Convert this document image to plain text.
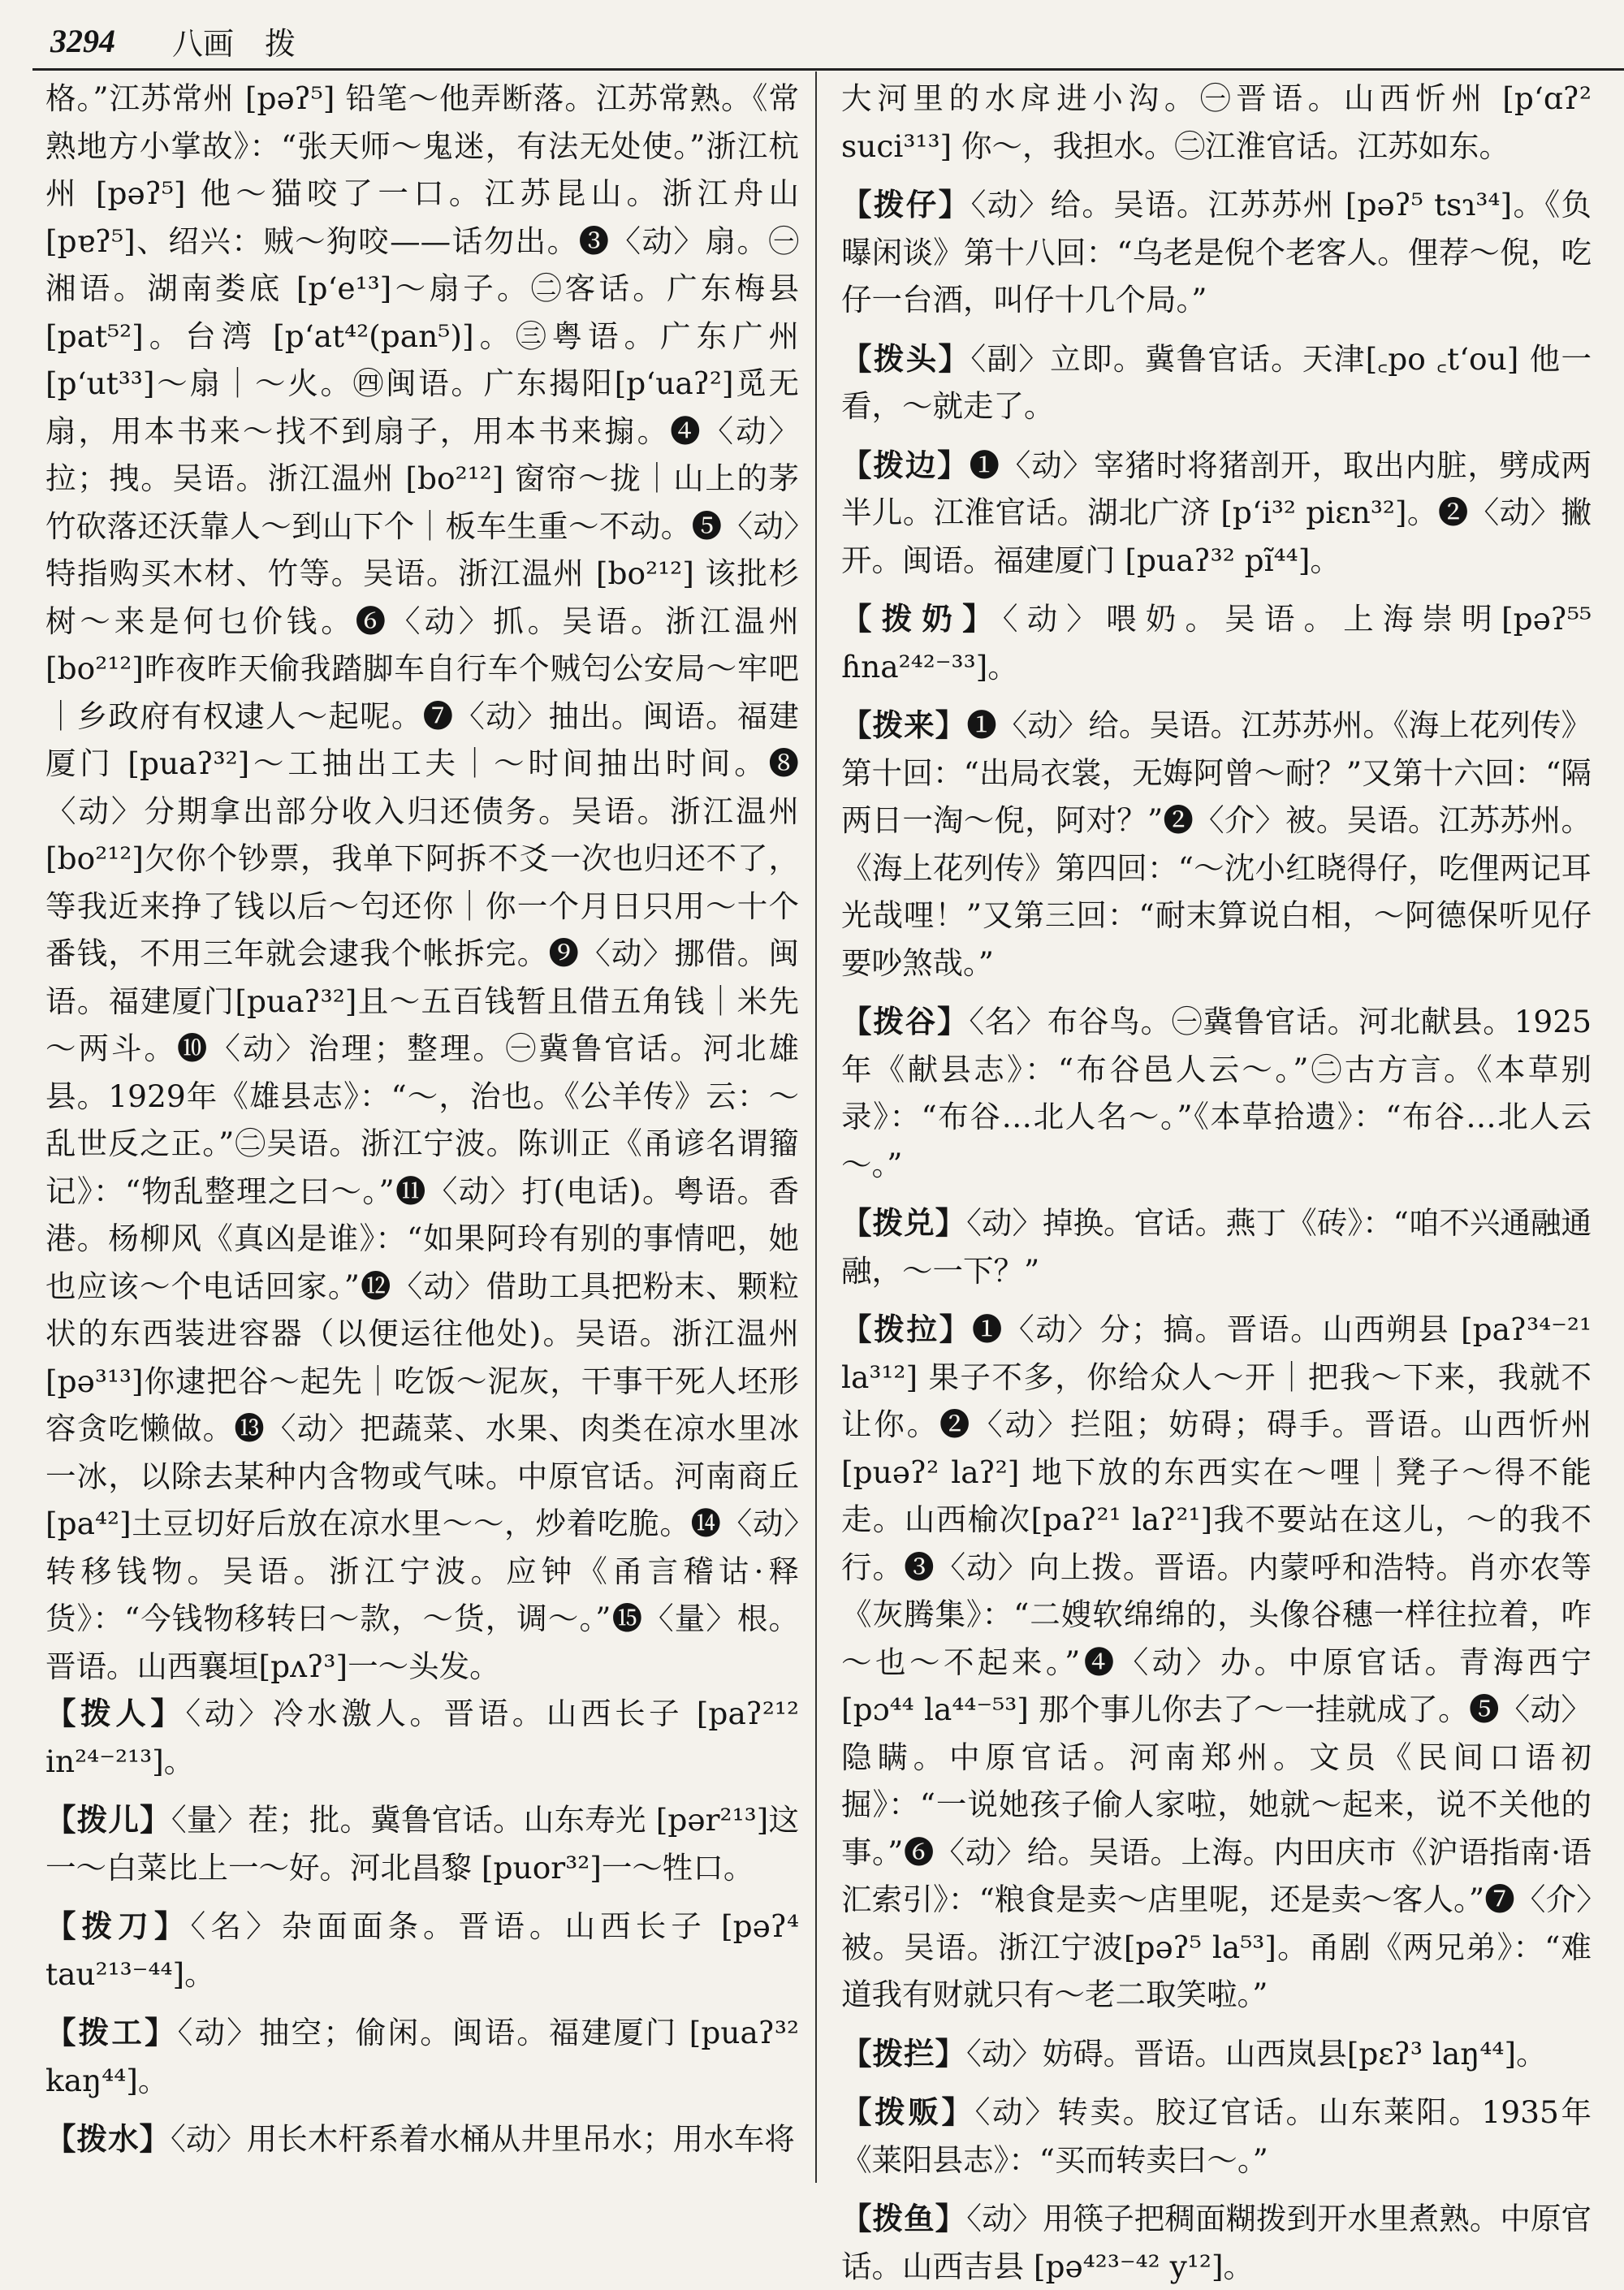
3294 八画　拨

格。”江苏常州 [pəʔ⁵] 铅笔～他弄断落。江苏常熟。《常熟地方小掌故》：“张天师～鬼迷，有法无处使。”浙江杭州 [pəʔ⁵] 他～猫咬了一口。江苏昆山。浙江舟山[pɐʔ⁵]、绍兴：贼～狗咬——话勿出。❸〈动〉扇。㊀湘语。湖南娄底 [p‘e¹³]～扇子。㊁客话。广东梅县 [pat⁵²]。台湾 [p‘at⁴²(pan⁵)]。㊂粤语。广东广州 [p‘ut³³]～扇｜～火。㊃闽语。广东揭阳[p‘uaʔ²]觅无扇，用本书来～找不到扇子，用本书来搧。❹〈动〉拉；拽。吴语。浙江温州 [bo²¹²] 窗帘～拢｜山上的茅竹砍落还沃靠人～到山下个｜板车生重～不动。❺〈动〉特指购买木材、竹等。吴语。浙江温州 [bo²¹²] 该批杉树～来是何乜价钱。❻〈动〉抓。吴语。浙江温州 [bo²¹²]昨夜昨天偷我踏脚车自行车个贼匄公安局～牢吧｜乡政府有权逮人～起呢。❼〈动〉抽出。闽语。福建厦门 [puaʔ³²]～工抽出工夫｜～时间抽出时间。❽〈动〉分期拿出部分收入归还债务。吴语。浙江温州[bo²¹²]欠你个钞票，我单下阿拆不爻一次也归还不了，等我近来挣了钱以后～匄还你｜你一个月日只用～十个番钱，不用三年就会逮我个帐拆完。❾〈动〉挪借。闽语。福建厦门[puaʔ³²]且～五百钱暂且借五角钱｜米先～两斗。❿〈动〉治理；整理。㊀冀鲁官话。河北雄县。1929年《雄县志》：“～，治也。《公羊传》云：～乱世反之正。”㊁吴语。浙江宁波。陈训正《甬谚名谓籀记》：“物乱整理之曰～。”⓫〈动〉打(电话)。粤语。香港。杨柳风《真凶是谁》：“如果阿玲有别的事情吧，她也应该～个电话回家。”⓬〈动〉借助工具把粉末、颗粒状的东西装进容器（以便运往他处)。吴语。浙江温州[pə³¹³]你逮把谷～起先｜吃饭～泥灰，干事干死人坯形容贪吃懒做。⓭〈动〉把蔬菜、水果、肉类在凉水里冰一冰，以除去某种内含物或气味。中原官话。河南商丘 [pa⁴²]土豆切好后放在凉水里～～，炒着吃脆。⓮〈动〉转移钱物。吴语。浙江宁波。应钟《甬言稽诂·释货》：“今钱物移转曰～款，～货，调～。”⓯〈量〉根。晋语。山西襄垣[pʌʔ³]一～头发。

【拨人】〈动〉冷水激人。晋语。山西长子 [paʔ²¹² in²⁴⁻²¹³]。

【拨儿】〈量〉茬；批。冀鲁官话。山东寿光 [pər²¹³]这一～白菜比上一～好。河北昌黎 [puor³²]一～牲口。

【拨刀】〈名〉杂面面条。晋语。山西长子 [pəʔ⁴ tau²¹³⁻⁴⁴]。

【拨工】〈动〉抽空；偷闲。闽语。福建厦门 [puaʔ³² kaŋ⁴⁴]。

【拨水】〈动〉用长木杆系着水桶从井里吊水；用水车将

大河里的水戽进小沟。㊀晋语。山西忻州 [p‘ɑʔ² suci³¹³] 你～，我担水。㊁江淮官话。江苏如东。

【拨仔】〈动〉给。吴语。江苏苏州 [pəʔ⁵ tsɿ³⁴]。《负曝闲谈》第十八回：“乌老是倪个老客人。俚荐～倪，吃仔一台酒，叫仔十几个局。”

【拨头】〈副〉立即。冀鲁官话。天津[꜀po ꜀t‘ou] 他一看，～就走了。

【拨边】❶〈动〉宰猪时将猪剖开，取出内脏，劈成两半儿。江淮官话。湖北广济 [p‘i³² piɛn³²]。❷〈动〉撇开。闽语。福建厦门 [puaʔ³² pĩ⁴⁴]。

【拨奶】〈动〉喂奶。吴语。上海崇明[pəʔ⁵⁵ ɦna²⁴²⁻³³]。

【拨来】❶〈动〉给。吴语。江苏苏州。《海上花列传》第十回：“出局衣裳，无娒阿曾～耐？”又第十六回：“隔两日一淘～倪，阿对？”❷〈介〉被。吴语。江苏苏州。《海上花列传》第四回：“～沈小红晓得仔，吃俚两记耳光哉哩！”又第三回：“耐末算说白相，～阿德保听见仔要吵煞哉。”

【拨谷】〈名〉布谷鸟。㊀冀鲁官话。河北献县。1925年《献县志》：“布谷邑人云～。”㊁古方言。《本草别录》：“布谷…北人名～。”《本草拾遗》：“布谷…北人云～。”

【拨兑】〈动〉掉换。官话。燕丁《砖》：“咱不兴通融通融，～一下？”

【拨拉】❶〈动〉分；搞。晋语。山西朔县 [paʔ³⁴⁻²¹ la³¹²] 果子不多，你给众人～开｜把我～下来，我就不让你。❷〈动〉拦阻；妨碍；碍手。晋语。山西忻州 [puəʔ² laʔ²] 地下放的东西实在～哩｜凳子～得不能走。山西榆次[paʔ²¹ laʔ²¹]我不要站在这儿，～的我不行。❸〈动〉向上拨。晋语。内蒙呼和浩特。肖亦农等《灰腾集》：“二嫂软绵绵的，头像谷穗一样往拉着，咋～也～不起来。”❹〈动〉办。中原官话。青海西宁 [pɔ⁴⁴ la⁴⁴⁻⁵³] 那个事儿你去了～一挂就成了。❺〈动〉隐瞒。中原官话。河南郑州。文员《民间口语初掘》：“一说她孩子偷人家啦，她就～起来，说不关他的事。”❻〈动〉给。吴语。上海。内田庆市《沪语指南·语汇索引》：“粮食是卖～店里呢，还是卖～客人。”❼〈介〉被。吴语。浙江宁波[pəʔ⁵ la⁵³]。甬剧《两兄弟》：“难道我有财就只有～老二取笑啦。”

【拨拦】〈动〉妨碍。晋语。山西岚县[pɛʔ³ laŋ⁴⁴]。

【拨贩】〈动〉转卖。胶辽官话。山东莱阳。1935年《莱阳县志》：“买而转卖曰～。”

【拨鱼】〈动〉用筷子把稠面糊拨到开水里煮熟。中原官话。山西吉县 [pə⁴²³⁻⁴² y¹²]。
